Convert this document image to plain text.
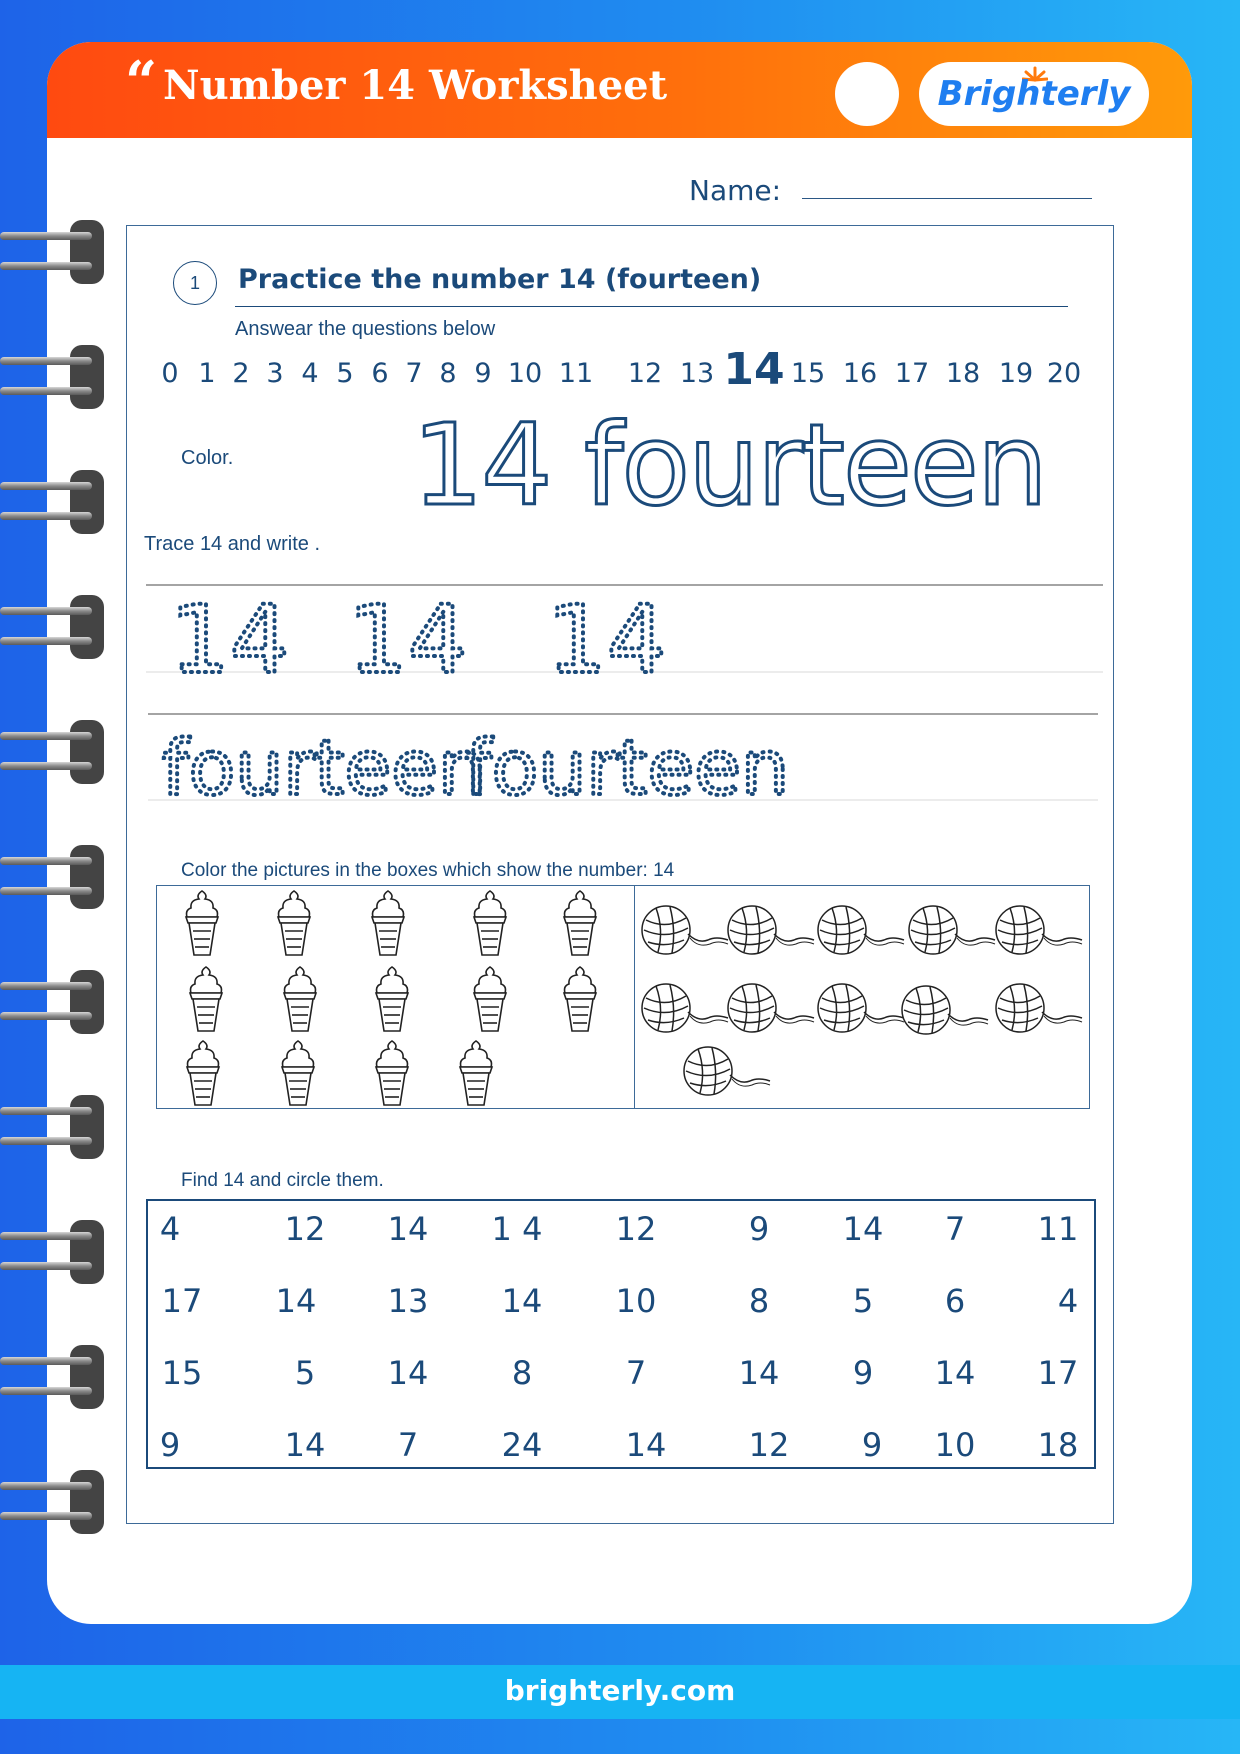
“ Number 14 Worksheet	Brighterly
Name:
1	Practice the number 14 (fourteen)
Answear the questions below
0 1 2 3 4 5 6 7 8 9 10 11 12 13 14 15 16 17 18 19 20
Color. 14 fourteen
Trace 14 and write .
14 14 14
fourteen
fourteen
Color the pictures in the boxes which show the number: 14
Find 14 and circle them.
4	12 14 1 4 12	9 14 7 11
17 14 13 14 10	8	5 6	4
15	5 14	8	7	14 9 14 17
9	14 7	24	14	12 9 10 18
brighterly.com
